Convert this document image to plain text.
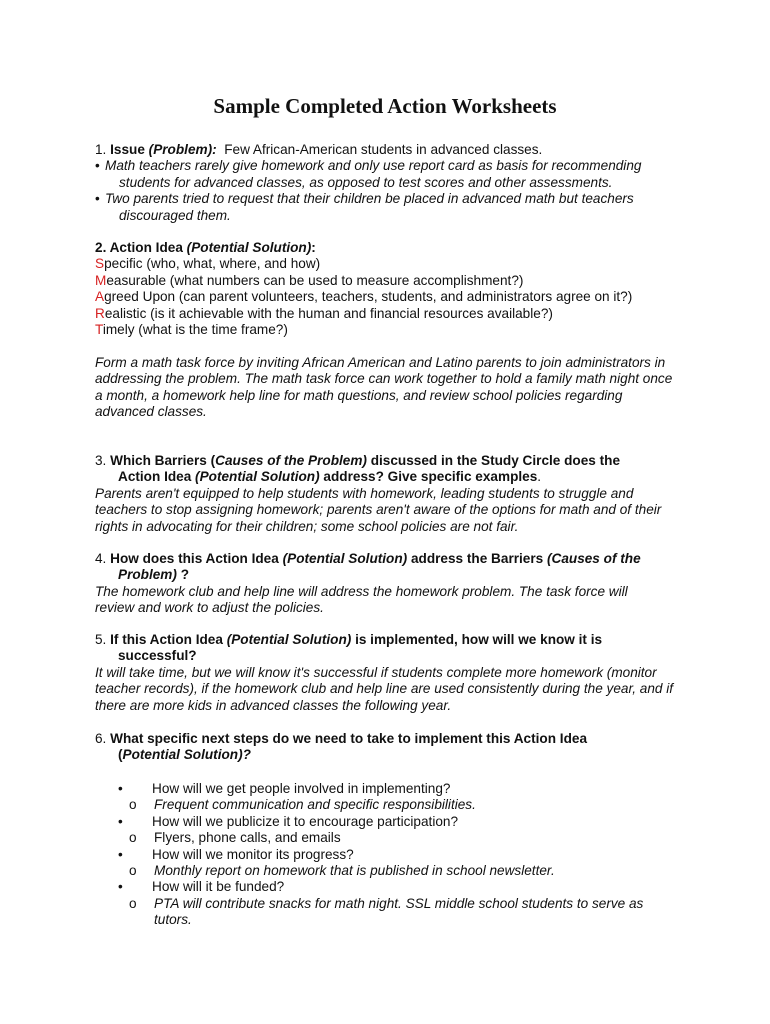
Sample Completed Action Worksheets
1. Issue (Problem): Few African-American students in advanced classes.
• Math teachers rarely give homework and only use report card as basis for recommending
students for advanced classes, as opposed to test scores and other assessments.
• Two parents tried to request that their children be placed in advanced math but teachers
discouraged them.
2. Action Idea (Potential Solution):
Specific (who, what, where, and how)
Measurable (what numbers can be used to measure accomplishment?)
Agreed Upon (can parent volunteers, teachers, students, and administrators agree on it?)
Realistic (is it achievable with the human and financial resources available?)
Timely (what is the time frame?)
Form a math task force by inviting African American and Latino parents to join administrators in addressing the problem. The math task force can work together to hold a family math night once a month, a homework help line for math questions, and review school policies regarding advanced classes.
3. Which Barriers (Causes of the Problem) discussed in the Study Circle does the
Action Idea (Potential Solution) address? Give specific examples.
Parents aren't equipped to help students with homework, leading students to struggle and teachers to stop assigning homework; parents aren't aware of the options for math and of their rights in advocating for their children; some school policies are not fair.
4. How does this Action Idea (Potential Solution) address the Barriers (Causes of the
Problem) ?
The homework club and help line will address the homework problem. The task force will review and work to adjust the policies.
5. If this Action Idea (Potential Solution) is implemented, how will we know it is
successful?
It will take time, but we will know it's successful if students complete more homework (monitor teacher records), if the homework club and help line are used consistently during the year, and if there are more kids in advanced classes the following year.
6. What specific next steps do we need to take to implement this Action Idea
(Potential Solution)?
• How will we get people involved in implementing?
o Frequent communication and specific responsibilities.
• How will we publicize it to encourage participation?
o Flyers, phone calls, and emails
• How will we monitor its progress?
o Monthly report on homework that is published in school newsletter.
• How will it be funded?
o PTA will contribute snacks for math night. SSL middle school students to serve as tutors.
